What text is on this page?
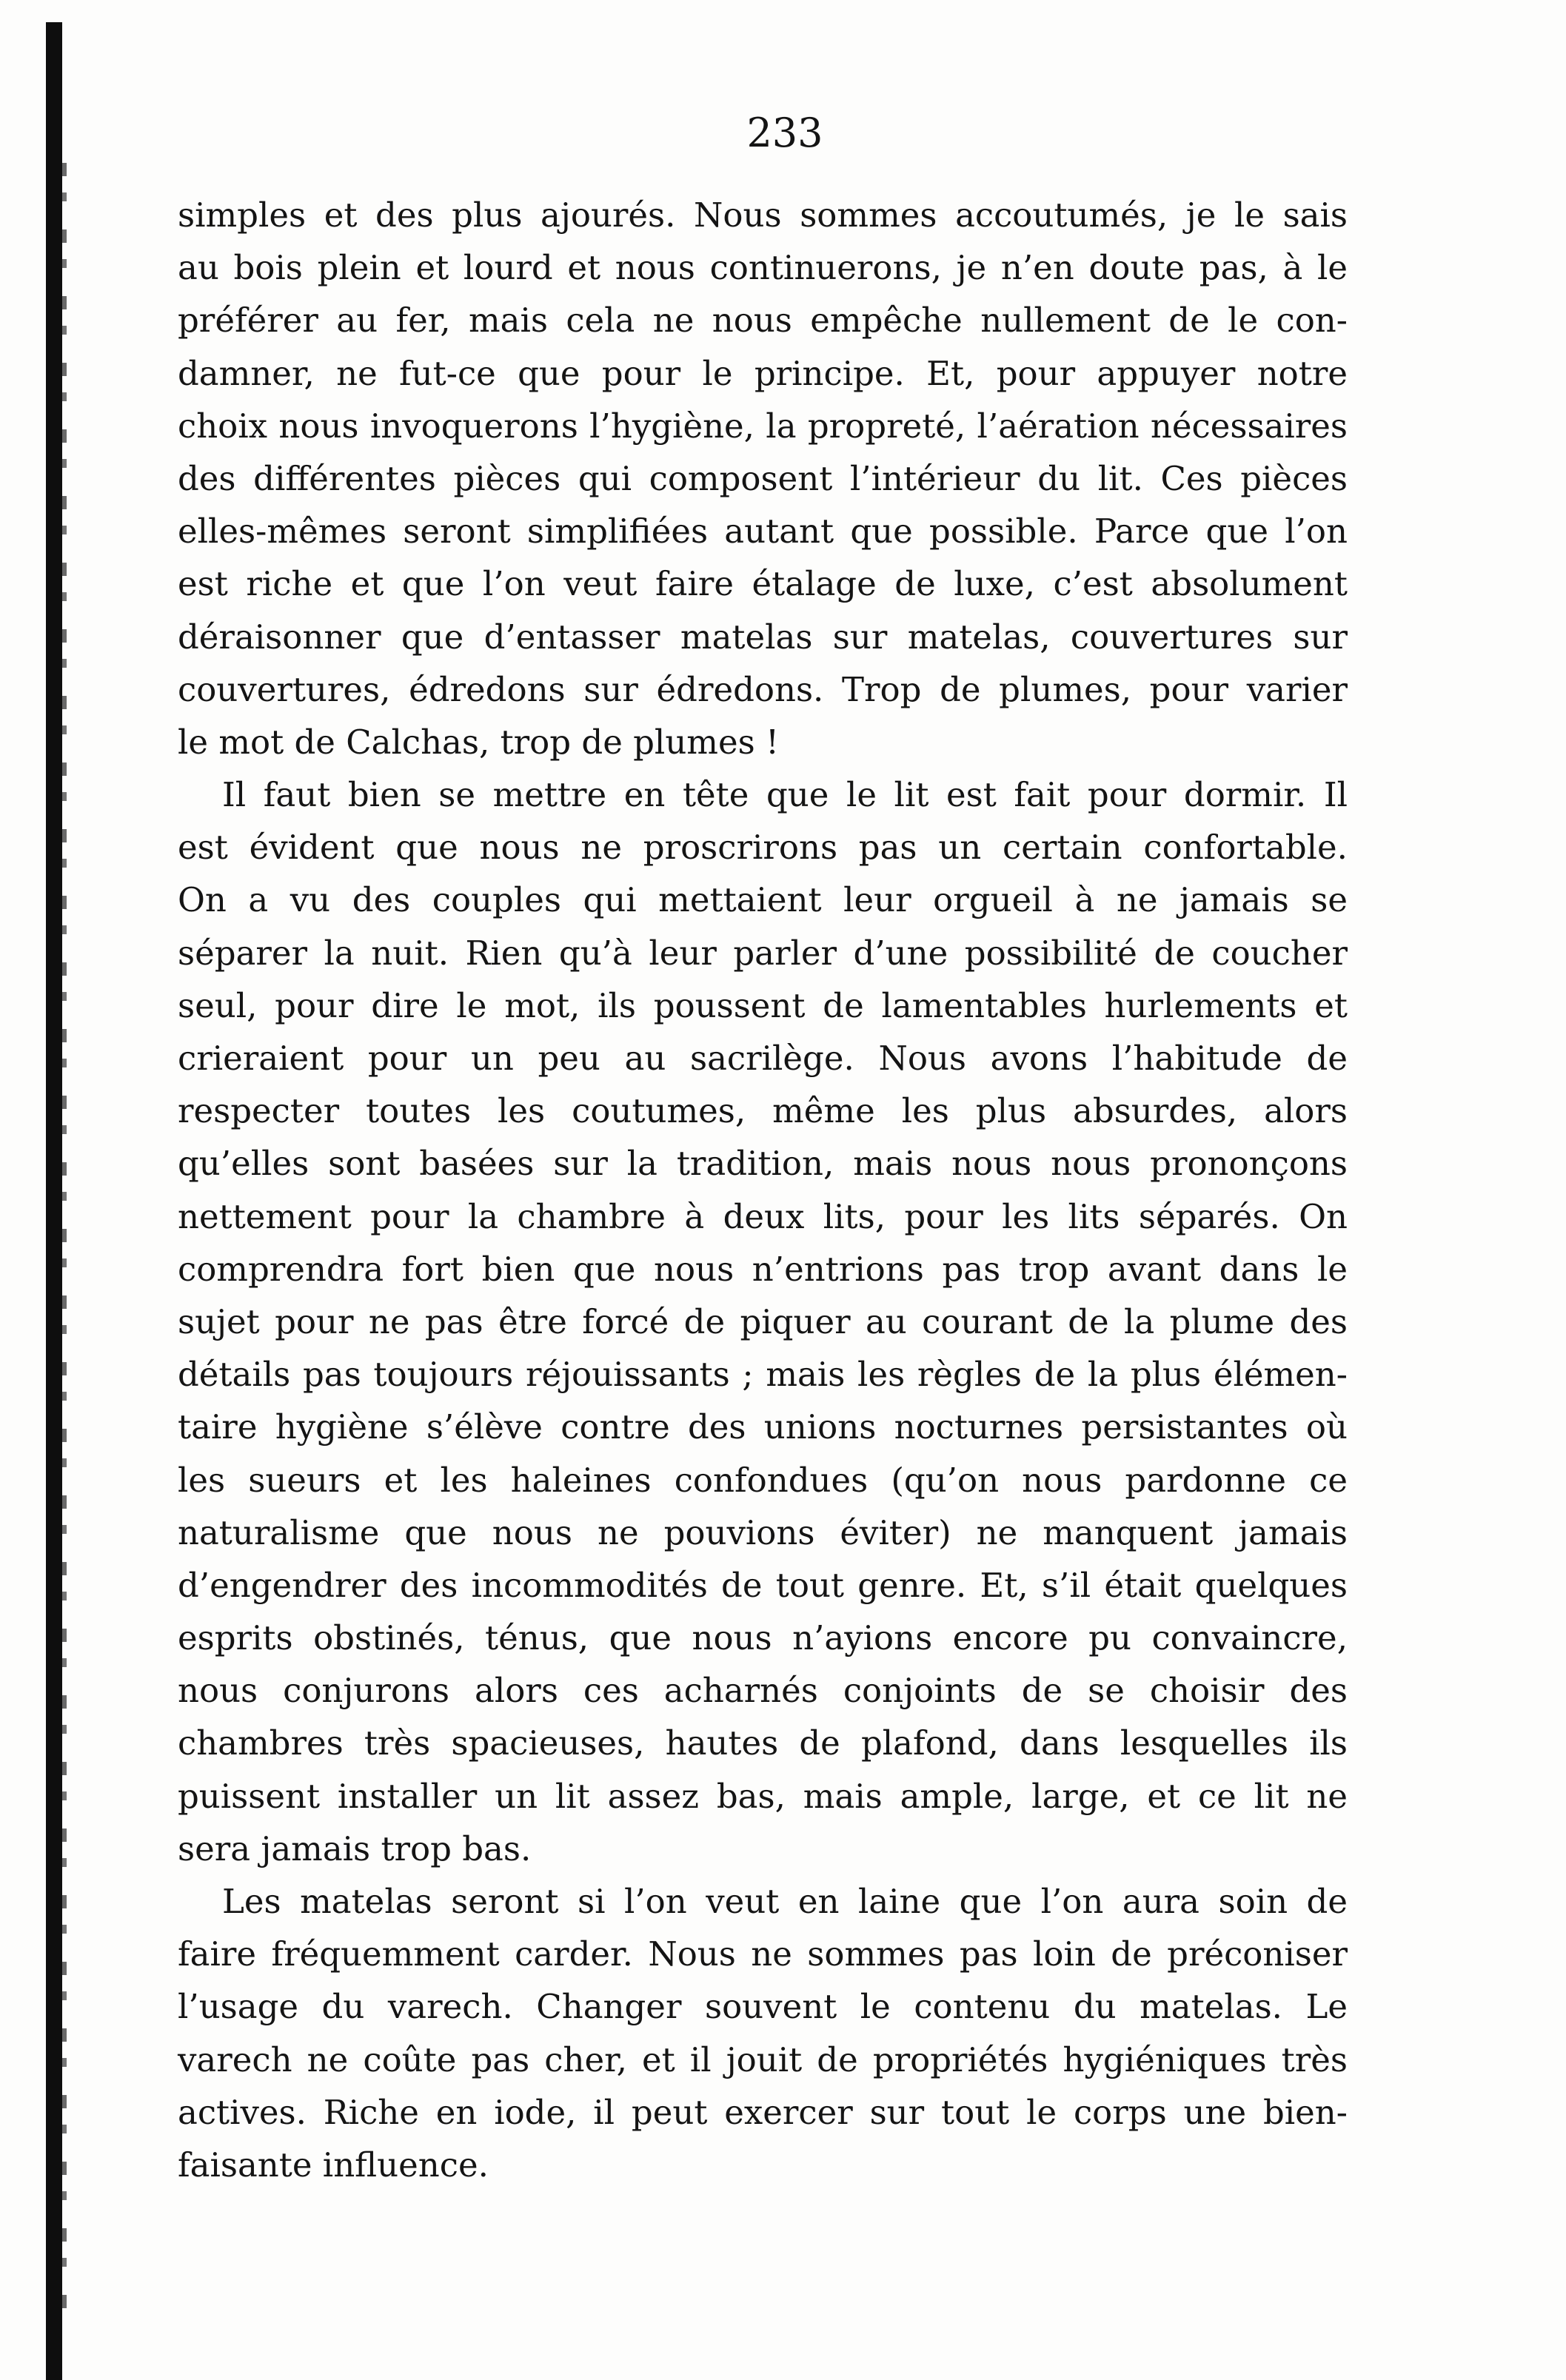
233
simples et des plus ajourés. Nous sommes accoutumés, je le sais
au bois plein et lourd et nous continuerons, je n’en doute pas, à le
préférer au fer, mais cela ne nous empêche nullement de le con-
damner, ne fut-ce que pour le principe. Et, pour appuyer notre
choix nous invoquerons l’hygiène, la propreté, l’aération nécessaires
des différentes pièces qui composent l’intérieur du lit. Ces pièces
elles-mêmes seront simplifiées autant que possible. Parce que l’on
est riche et que l’on veut faire étalage de luxe, c’est absolument
déraisonner que d’entasser matelas sur matelas, couvertures sur
couvertures, édredons sur édredons. Trop de plumes, pour varier
le mot de Calchas, trop de plumes !
Il faut bien se mettre en tête que le lit est fait pour dormir. Il
est évident que nous ne proscrirons pas un certain confortable.
On a vu des couples qui mettaient leur orgueil à ne jamais se
séparer la nuit. Rien qu’à leur parler d’une possibilité de coucher
seul, pour dire le mot, ils poussent de lamentables hurlements et
crieraient pour un peu au sacrilège. Nous avons l’habitude de
respecter toutes les coutumes, même les plus absurdes, alors
qu’elles sont basées sur la tradition, mais nous nous prononçons
nettement pour la chambre à deux lits, pour les lits séparés. On
comprendra fort bien que nous n’entrions pas trop avant dans le
sujet pour ne pas être forcé de piquer au courant de la plume des
détails pas toujours réjouissants ; mais les règles de la plus élémen-
taire hygiène s’élève contre des unions nocturnes persistantes où
les sueurs et les haleines confondues (qu’on nous pardonne ce
naturalisme que nous ne pouvions éviter) ne manquent jamais
d’engendrer des incommodités de tout genre. Et, s’il était quelques
esprits obstinés, ténus, que nous n’ayions encore pu convaincre,
nous conjurons alors ces acharnés conjoints de se choisir des
chambres très spacieuses, hautes de plafond, dans lesquelles ils
puissent installer un lit assez bas, mais ample, large, et ce lit ne
sera jamais trop bas.
Les matelas seront si l’on veut en laine que l’on aura soin de
faire fréquemment carder. Nous ne sommes pas loin de préconiser
l’usage du varech. Changer souvent le contenu du matelas. Le
varech ne coûte pas cher, et il jouit de propriétés hygiéniques très
actives. Riche en iode, il peut exercer sur tout le corps une bien-
faisante influence.
